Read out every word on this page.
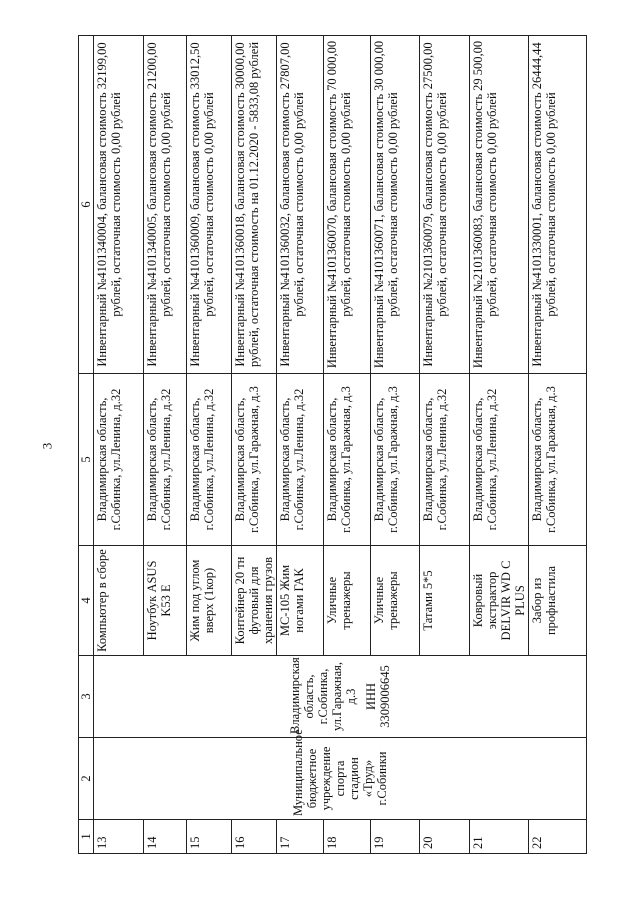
3
1	2	3	4	5	6
13	Муниципальное бюджетное учреждение спорта стадион «Труд» г.Собинки	Владимирская область, г.Собинка, ул.Гаражная, д.3 ИНН 3309006645	Компьютер в сборе	Владимирская область, г.Собинка, ул.Ленина, д.32	Инвентарный №4101340004, балансовая стоимость 32199,00 рублей, остаточная стоимость 0,00 рублей
14			Ноутбук ASUS K53 E	Владимирская область, г.Собинка, ул.Ленина, д.32	Инвентарный №4101340005, балансовая стоимость 21200,00 рублей, остаточная стоимость 0,00 рублей
15			Жим под углом вверх (1кор)	Владимирская область, г.Собинка, ул.Ленина, д.32	Инвентарный №4101360009, балансовая стоимость 33012,50 рублей, остаточная стоимость 0,00 рублей
16			Контейнер 20 тн футовый для хранения грузов	Владимирская область, г.Собинка, ул.Гаражная, д.3	Инвентарный №4101360018, балансовая стоимость 30000,00 рублей, остаточная стоимость на 01.12.2020 - 5833,08 рублей
17			МС-105 Жим ногами ГАК	Владимирская область, г.Собинка, ул.Ленина, д.32	Инвентарный №4101360032, балансовая стоимость 27807,00 рублей, остаточная стоимость 0,00 рублей
18			Уличные тренажеры	Владимирская область, г.Собинка, ул.Гаражная, д.3	Инвентарный №4101360070, балансовая стоимость 70 000,00 рублей, остаточная стоимость 0,00 рублей
19			Уличные тренажеры	Владимирская область, г.Собинка, ул.Гаражная, д.3	Инвентарный №4101360071, балансовая стоимость 30 000,00 рублей, остаточная стоимость 0,00 рублей
20			Татами 5*5	Владимирская область, г.Собинка, ул.Ленина, д.32	Инвентарный №2101360079, балансовая стоимость 27500,00 рублей, остаточная стоимость 0,00 рублей
21			Ковровый экстрактор DELVIR WD C PLUS	Владимирская область, г.Собинка, ул.Ленина, д.32	Инвентарный №2101360083, балансовая стоимость 29 500,00 рублей, остаточная стоимость 0,00 рублей
22			Забор из профнастила	Владимирская область, г.Собинка, ул.Гаражная, д.3	Инвентарный №4101330001, балансовая стоимость 26444,44 рублей, остаточная стоимость 0,00 рублей
